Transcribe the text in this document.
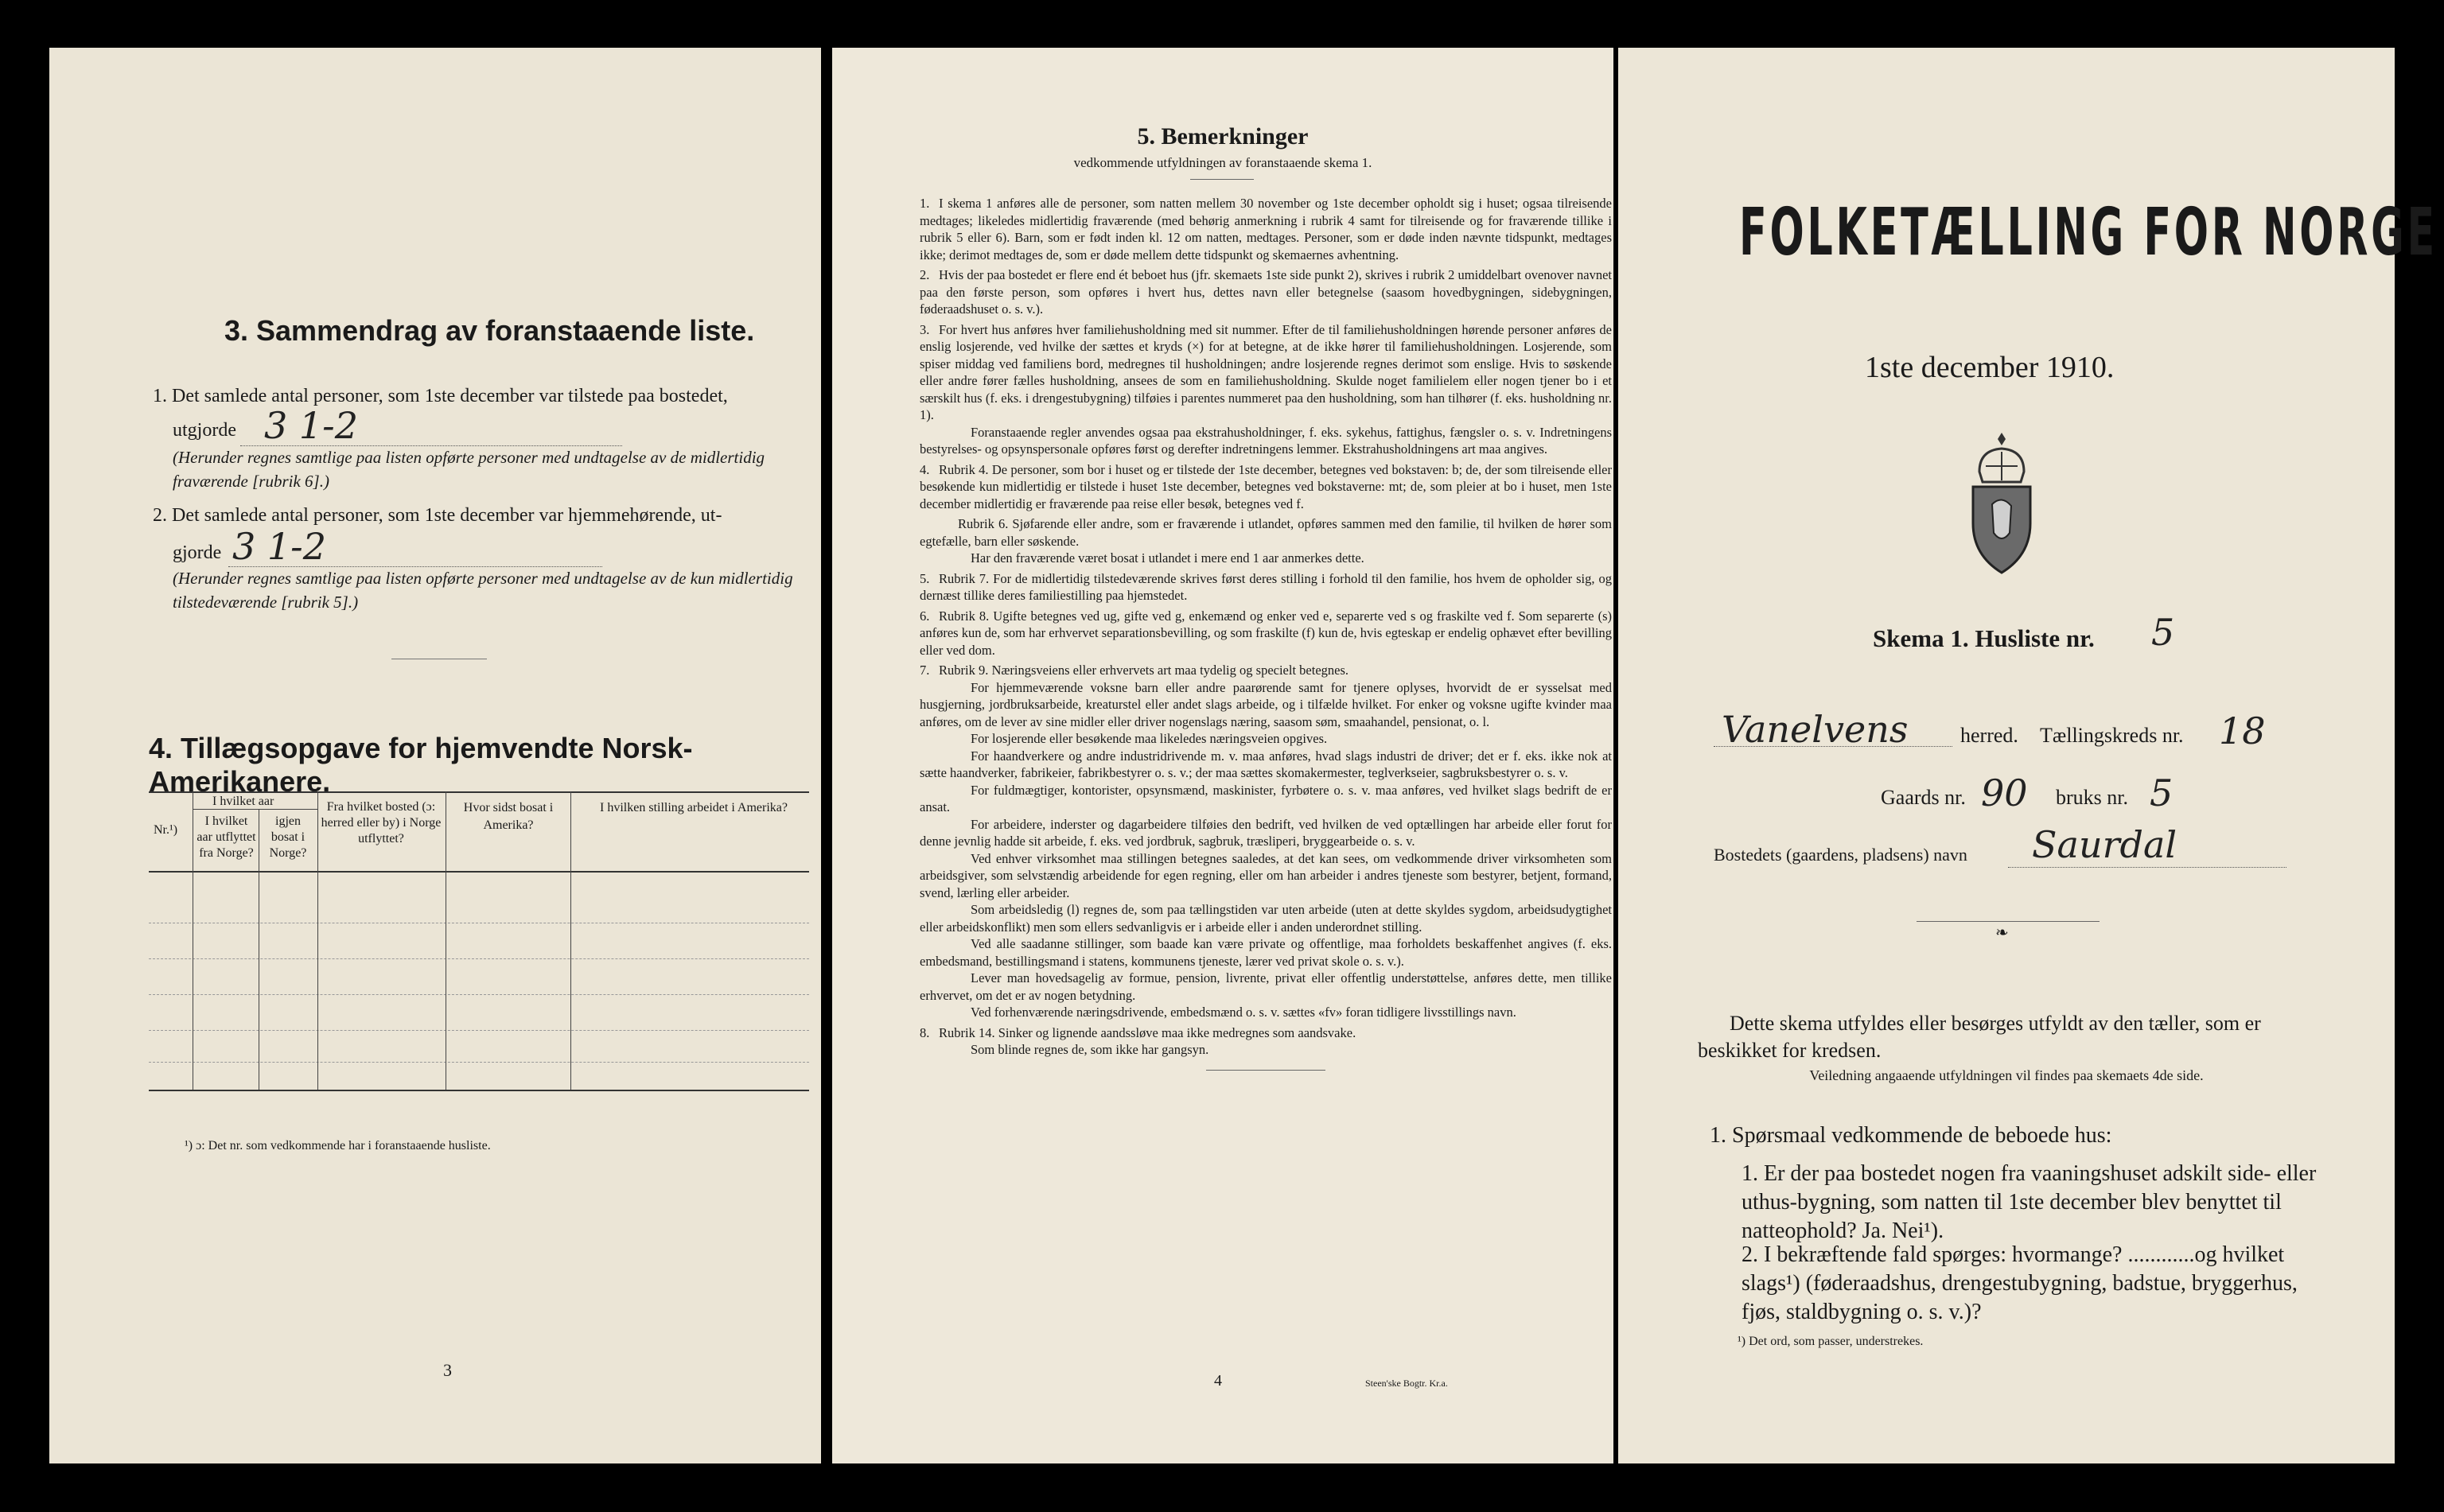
3. Sammendrag av foranstaaende liste.
1. Det samlede antal personer, som 1ste december var tilstede paa bostedet,
utgjorde 3 1-2
(Herunder regnes samtlige paa listen opførte personer med undtagelse av de midlertidig fraværende [rubrik 6].)
2. Det samlede antal personer, som 1ste december var hjemmehørende, ut-
gjorde 3 1-2
(Herunder regnes samtlige paa listen opførte personer med undtagelse av de kun midlertidig tilstedeværende [rubrik 5].)
4. Tillægsopgave for hjemvendte Norsk-Amerikanere.
Nr.¹)
I hvilket aar
I hvilket aar utflyttet fra Norge?
igjen bosat i Norge?
Fra hvilket bosted (ɔ: herred eller by) i Norge utflyttet?
Hvor sidst bosat i Amerika?
I hvilken stilling arbeidet i Amerika?
¹) ɔ: Det nr. som vedkommende har i foranstaaende husliste.
3
5. Bemerkninger
vedkommende utfyldningen av foranstaaende skema 1.
1. I skema 1 anføres alle de personer, som natten mellem 30 november og 1ste december opholdt sig i huset; ogsaa tilreisende medtages; likeledes midlertidig fraværende (med behørig anmerkning i rubrik 4 samt for tilreisende og for fraværende tillike i rubrik 5 eller 6). Barn, som er født inden kl. 12 om natten, medtages. Personer, som er døde inden nævnte tidspunkt, medtages ikke; derimot medtages de, som er døde mellem dette tidspunkt og skemaernes avhentning.
2. Hvis der paa bostedet er flere end ét beboet hus (jfr. skemaets 1ste side punkt 2), skrives i rubrik 2 umiddelbart ovenover navnet paa den første person, som opføres i hvert hus, dettes navn eller betegnelse (saasom hovedbygningen, sidebygningen, føderaadshuset o. s. v.).
3. For hvert hus anføres hver familiehusholdning med sit nummer. Efter de til familiehusholdningen hørende personer anføres de enslig losjerende, ved hvilke der sættes et kryds (×) for at betegne, at de ikke hører til familiehusholdningen. Losjerende, som spiser middag ved familiens bord, medregnes til husholdningen; andre losjerende regnes derimot som enslige. Hvis to søskende eller andre fører fælles husholdning, ansees de som en familiehusholdning. Skulde noget familielem eller nogen tjener bo i et særskilt hus (f. eks. i drengestubygning) tilføies i parentes nummeret paa den husholdning, som han tilhører (f. eks. husholdning nr. 1).
Foranstaaende regler anvendes ogsaa paa ekstrahusholdninger, f. eks. sykehus, fattighus, fængsler o. s. v. Indretningens bestyrelses- og opsynspersonale opføres først og derefter indretningens lemmer. Ekstrahusholdningens art maa angives.
4. Rubrik 4. De personer, som bor i huset og er tilstede der 1ste december, betegnes ved bokstaven: b; de, der som tilreisende eller besøkende kun midlertidig er tilstede i huset 1ste december, betegnes ved bokstaverne: mt; de, som pleier at bo i huset, men 1ste december midlertidig er fraværende paa reise eller besøk, betegnes ved f.
Rubrik 6. Sjøfarende eller andre, som er fraværende i utlandet, opføres sammen med den familie, til hvilken de hører som egtefælle, barn eller søskende.
Har den fraværende været bosat i utlandet i mere end 1 aar anmerkes dette.
5. Rubrik 7. For de midlertidig tilstedeværende skrives først deres stilling i forhold til den familie, hos hvem de opholder sig, og dernæst tillike deres familiestilling paa hjemstedet.
6. Rubrik 8. Ugifte betegnes ved ug, gifte ved g, enkemænd og enker ved e, separerte ved s og fraskilte ved f. Som separerte (s) anføres kun de, som har erhvervet separationsbevilling, og som fraskilte (f) kun de, hvis egteskap er endelig ophævet efter bevilling eller ved dom.
7. Rubrik 9. Næringsveiens eller erhvervets art maa tydelig og specielt betegnes.
For hjemmeværende voksne barn eller andre paarørende samt for tjenere oplyses, hvorvidt de er sysselsat med husgjerning, jordbruksarbeide, kreaturstel eller andet slags arbeide, og i tilfælde hvilket. For enker og voksne ugifte kvinder maa anføres, om de lever av sine midler eller driver nogenslags næring, saasom søm, smaahandel, pensionat, o. l.
For losjerende eller besøkende maa likeledes næringsveien opgives.
For haandverkere og andre industridrivende m. v. maa anføres, hvad slags industri de driver; det er f. eks. ikke nok at sætte haandverker, fabrikeier, fabrikbestyrer o. s. v.; der maa sættes skomakermester, teglverkseier, sagbruksbestyrer o. s. v.
For fuldmægtiger, kontorister, opsynsmænd, maskinister, fyrbøtere o. s. v. maa anføres, ved hvilket slags bedrift de er ansat.
For arbeidere, inderster og dagarbeidere tilføies den bedrift, ved hvilken de ved optællingen har arbeide eller forut for denne jevnlig hadde sit arbeide, f. eks. ved jordbruk, sagbruk, træsliperi, bryggearbeide o. s. v.
Ved enhver virksomhet maa stillingen betegnes saaledes, at det kan sees, om vedkommende driver virksomheten som arbeidsgiver, som selvstændig arbeidende for egen regning, eller om han arbeider i andres tjeneste som bestyrer, betjent, formand, svend, lærling eller arbeider.
Som arbeidsledig (l) regnes de, som paa tællingstiden var uten arbeide (uten at dette skyldes sygdom, arbeidsudygtighet eller arbeidskonflikt) men som ellers sedvanligvis er i arbeide eller i anden underordnet stilling.
Ved alle saadanne stillinger, som baade kan være private og offentlige, maa forholdets beskaffenhet angives (f. eks. embedsmand, bestillingsmand i statens, kommunens tjeneste, lærer ved privat skole o. s. v.).
Lever man hovedsagelig av formue, pension, livrente, privat eller offentlig understøttelse, anføres dette, men tillike erhvervet, om det er av nogen betydning.
Ved forhenværende næringsdrivende, embedsmænd o. s. v. sættes «fv» foran tidligere livsstillings navn.
8. Rubrik 14. Sinker og lignende aandssløve maa ikke medregnes som aandsvake.
Som blinde regnes de, som ikke har gangsyn.
4	Steen'ske Bogtr. Kr.a.
FOLKETÆLLING FOR NORGE
1ste december 1910.
Skema 1. Husliste nr. 5
Vanelvens	herred. Tællingskreds nr. 18
Gaards nr. 90 bruks nr. 5
Bostedets (gaardens, pladsens) navn Saurdal
❧
Dette skema utfyldes eller besørges utfyldt av den tæller, som er beskikket for kredsen.
Veiledning angaaende utfyldningen vil findes paa skemaets 4de side.
1. Spørsmaal vedkommende de beboede hus:
1. Er der paa bostedet nogen fra vaaningshuset adskilt side- eller uthus-bygning, som natten til 1ste december blev benyttet til natteophold? Ja. Nei¹).
2. I bekræftende fald spørges: hvormange? ............og hvilket slags¹) (føderaadshus, drengestubygning, badstue, bryggerhus, fjøs, staldbygning o. s. v.)?
¹) Det ord, som passer, understrekes.
